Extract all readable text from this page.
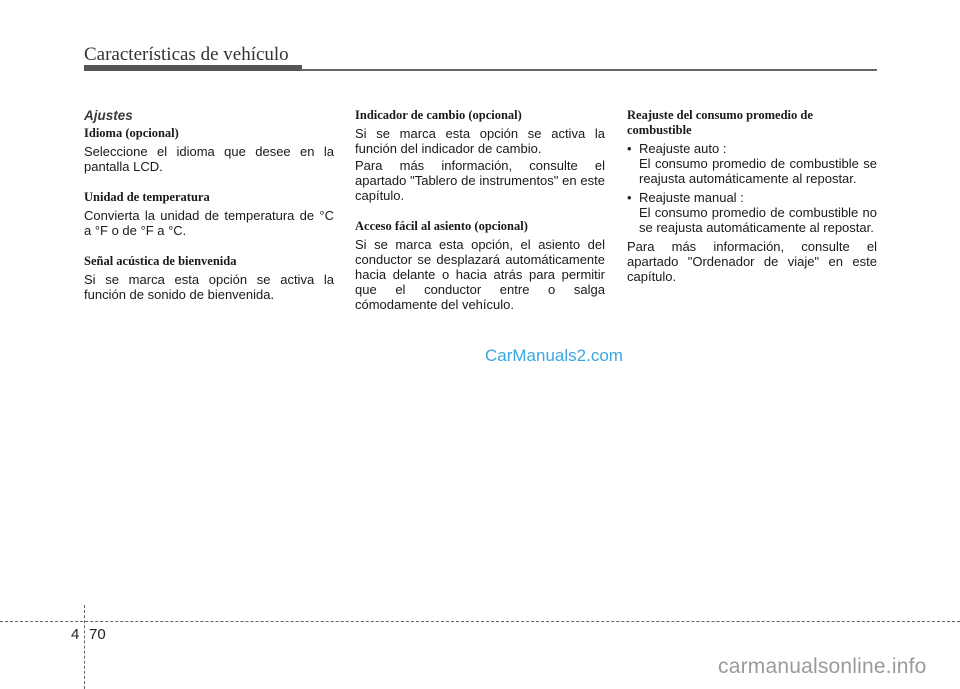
Características de vehículo
Ajustes
Idioma (opcional)
Seleccione el idioma que desee en la pantalla LCD.
Unidad de temperatura
Convierta la unidad de temperatura de °C a °F o de °F a °C.
Señal acústica de bienvenida
Si se marca esta opción se activa la función de sonido de bienvenida.
Indicador de cambio (opcional)
Si se marca esta opción se activa la función del indicador de cambio.
Para más información, consulte el apartado "Tablero de instrumentos" en este capítulo.
Acceso fácil al asiento (opcional)
Si se marca esta opción, el asiento del conductor se desplazará automáticamente hacia delante o hacia atrás para permitir que el conductor entre o salga cómodamente del vehículo.
Reajuste del consumo promedio de combustible
• Reajuste auto :
El consumo promedio de combustible se reajusta automáticamente al repostar.
• Reajuste manual :
El consumo promedio de combustible no se reajusta automáticamente al repostar.
Para más información, consulte el apartado "Ordenador de viaje" en este capítulo.
CarManuals2.com
4 70
carmanualsonline.info
